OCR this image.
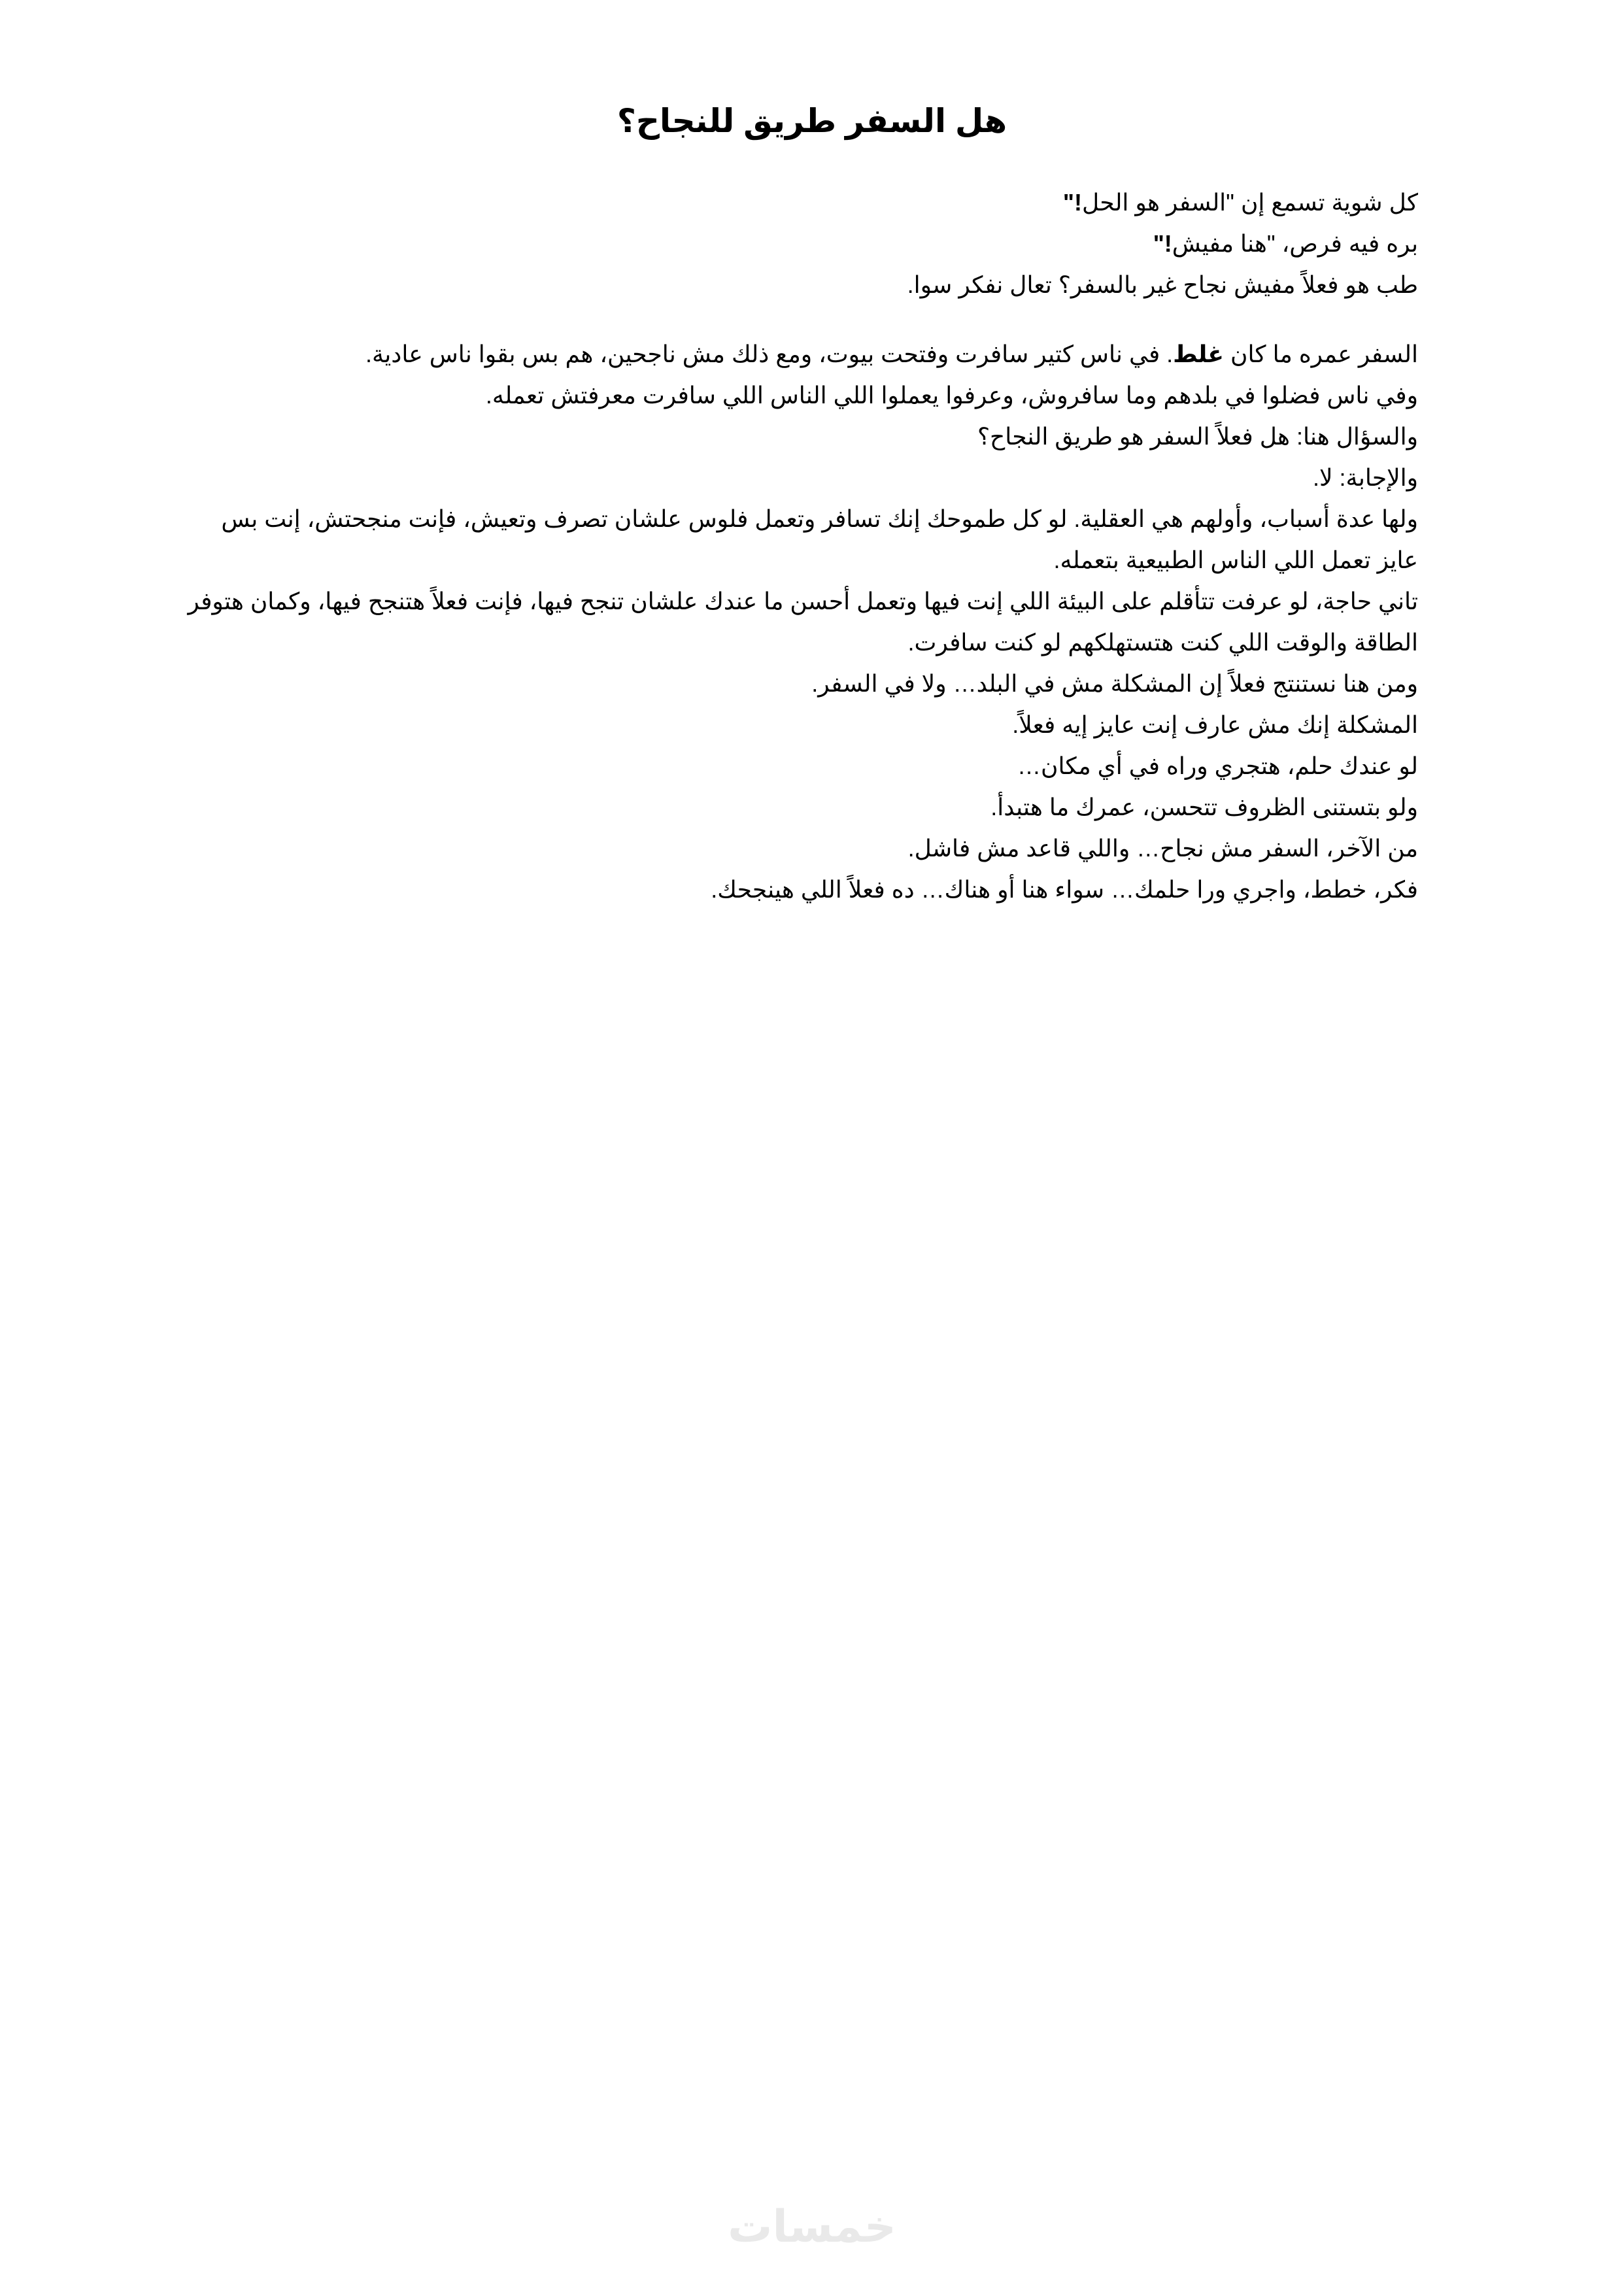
هل السفر طريق للنجاح؟

كل شوية تسمع إن "السفر هو الحل!"

بره فيه فرص، "هنا مفيش!"

طب هو فعلاً مفيش نجاح غير بالسفر؟ تعال نفكر سوا.

السفر عمره ما كان غلط. في ناس كتير سافرت وفتحت بيوت، ومع ذلك مش ناجحين، هم بس بقوا ناس عادية.

وفي ناس فضلوا في بلدهم وما سافروش، وعرفوا يعملوا اللي الناس اللي سافرت معرفتش تعمله.

والسؤال هنا: هل فعلاً السفر هو طريق النجاح؟

والإجابة: لا.

ولها عدة أسباب، وأولهم هي العقلية. لو كل طموحك إنك تسافر وتعمل فلوس علشان تصرف وتعيش، فإنت منجحتش، إنت بس عايز تعمل اللي الناس الطبيعية بتعمله.

تاني حاجة، لو عرفت تتأقلم على البيئة اللي إنت فيها وتعمل أحسن ما عندك علشان تنجح فيها، فإنت فعلاً هتنجح فيها، وكمان هتوفر الطاقة والوقت اللي كنت هتستهلكهم لو كنت سافرت.

ومن هنا نستنتج فعلاً إن المشكلة مش في البلد… ولا في السفر.

المشكلة إنك مش عارف إنت عايز إيه فعلاً.

لو عندك حلم، هتجري وراه في أي مكان…

ولو بتستنى الظروف تتحسن، عمرك ما هتبدأ.

من الآخر، السفر مش نجاح… واللي قاعد مش فاشل.

فكر، خطط، واجري ورا حلمك… سواء هنا أو هناك… ده فعلاً اللي هينجحك.

خمسات
